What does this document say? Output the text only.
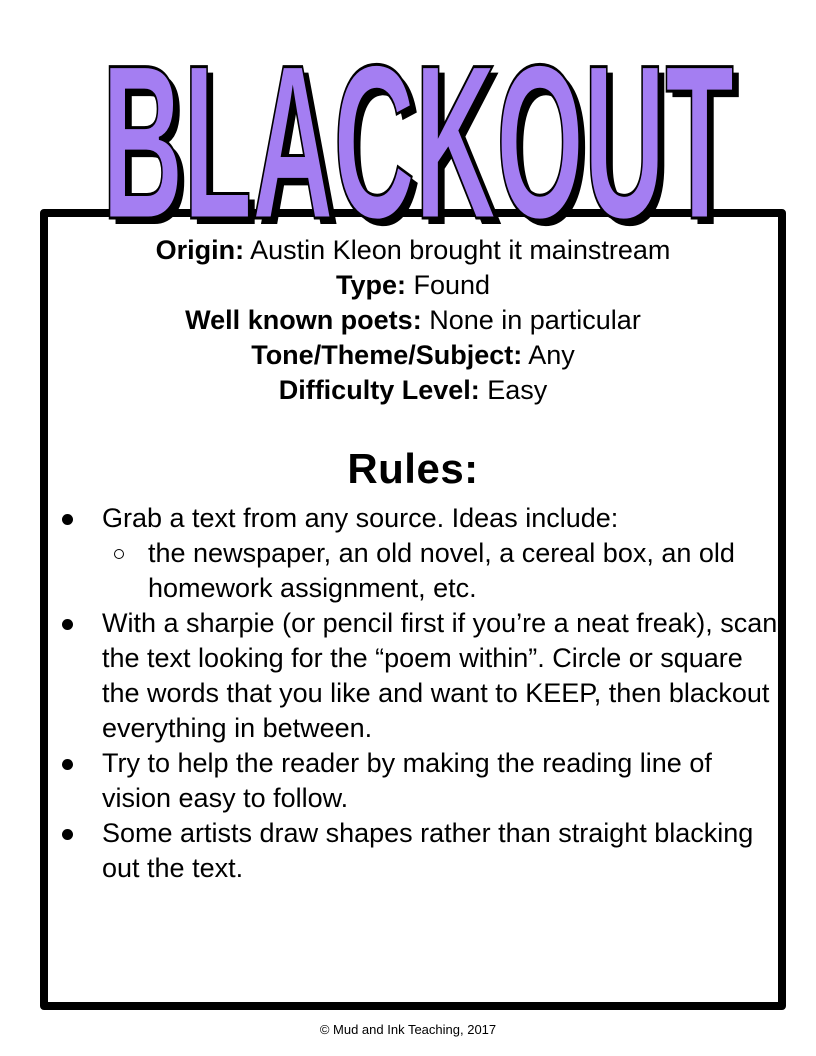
BLACKOUT
BLACKOUT
Origin: Austin Kleon brought it mainstream
Type: Found
Well known poets: None in particular
Tone/Theme/Subject: Any
Difficulty Level: Easy
Rules:
Grab a text from any source. Ideas include:
the newspaper, an old novel, a cereal box, an old homework assignment, etc.
With a sharpie (or pencil first if you’re a neat freak), scan the text looking for the “poem within”. Circle or square the words that you like and want to KEEP, then blackout everything in between.
Try to help the reader by making the reading line of vision easy to follow.
Some artists draw shapes rather than straight blacking out the text.
© Mud and Ink Teaching, 2017
